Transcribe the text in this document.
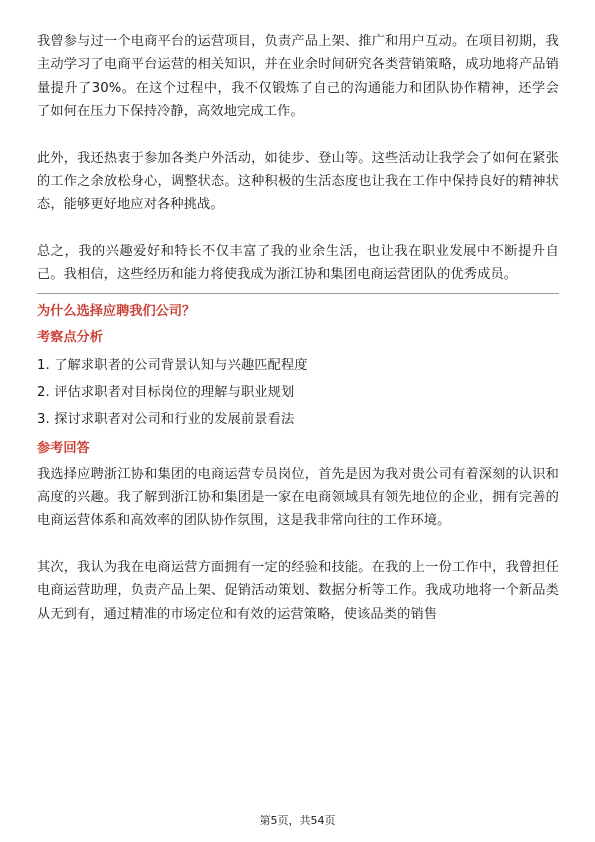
我曾参与过一个电商平台的运营项目，负责产品上架、推广和用户互动。在项目初期，我主动学习了电商平台运营的相关知识，并在业余时间研究各类营销策略，成功地将产品销量提升了30%。在这个过程中，我不仅锻炼了自己的沟通能力和团队协作精神，还学会了如何在压力下保持冷静，高效地完成工作。

此外，我还热衷于参加各类户外活动，如徒步、登山等。这些活动让我学会了如何在紧张的工作之余放松身心，调整状态。这种积极的生活态度也让我在工作中保持良好的精神状态，能够更好地应对各种挑战。

总之，我的兴趣爱好和特长不仅丰富了我的业余生活，也让我在职业发展中不断提升自己。我相信，这些经历和能力将使我成为浙江协和集团电商运营团队的优秀成员。

为什么选择应聘我们公司？
考察点分析
1. 了解求职者的公司背景认知与兴趣匹配程度
2. 评估求职者对目标岗位的理解与职业规划
3. 探讨求职者对公司和行业的发展前景看法
参考回答

我选择应聘浙江协和集团的电商运营专员岗位，首先是因为我对贵公司有着深刻的认识和高度的兴趣。我了解到浙江协和集团是一家在电商领域具有领先地位的企业，拥有完善的电商运营体系和高效率的团队协作氛围，这是我非常向往的工作环境。

其次，我认为我在电商运营方面拥有一定的经验和技能。在我的上一份工作中，我曾担任电商运营助理，负责产品上架、促销活动策划、数据分析等工作。我成功地将一个新品类从无到有，通过精准的市场定位和有效的运营策略，使该品类的销售

第5页，共54页
